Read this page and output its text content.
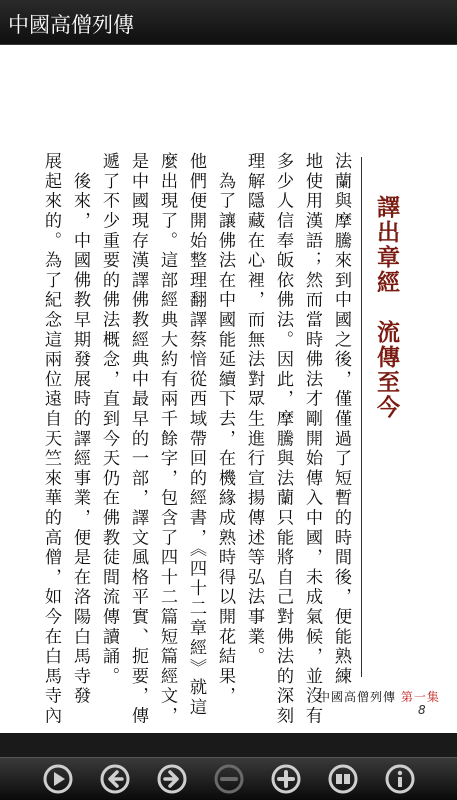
中國高僧列傳
譯出章經　流傳至今
法蘭與摩騰來到中國之後，僅僅過了短暫的時間後，便能熟練
地使用漢語；然而當時佛法才剛開始傳入中國，未成氣候，並沒有
多少人信奉皈依佛法。因此，摩騰與法蘭只能將自己對佛法的深刻
理解隱藏在心裡，而無法對眾生進行宣揚傳述等弘法事業。
　為了讓佛法在中國能延續下去，在機緣成熟時得以開花結果，
他們便開始整理翻譯蔡愔從西域帶回的經書，《四十二章經》就這
麼出現了。這部經典大約有兩千餘字，包含了四十二篇短篇經文，
是中國現存漢譯佛教經典中最早的一部，譯文風格平實、扼要，傳
遞了不少重要的佛法概念，直到今天仍在佛教徒間流傳讀誦。
　後來，中國佛教早期發展時的譯經事業，便是在洛陽白馬寺發
展起來的。為了紀念這兩位遠自天竺來華的高僧，如今在白馬寺內	中國高僧列傳 第一集
8
